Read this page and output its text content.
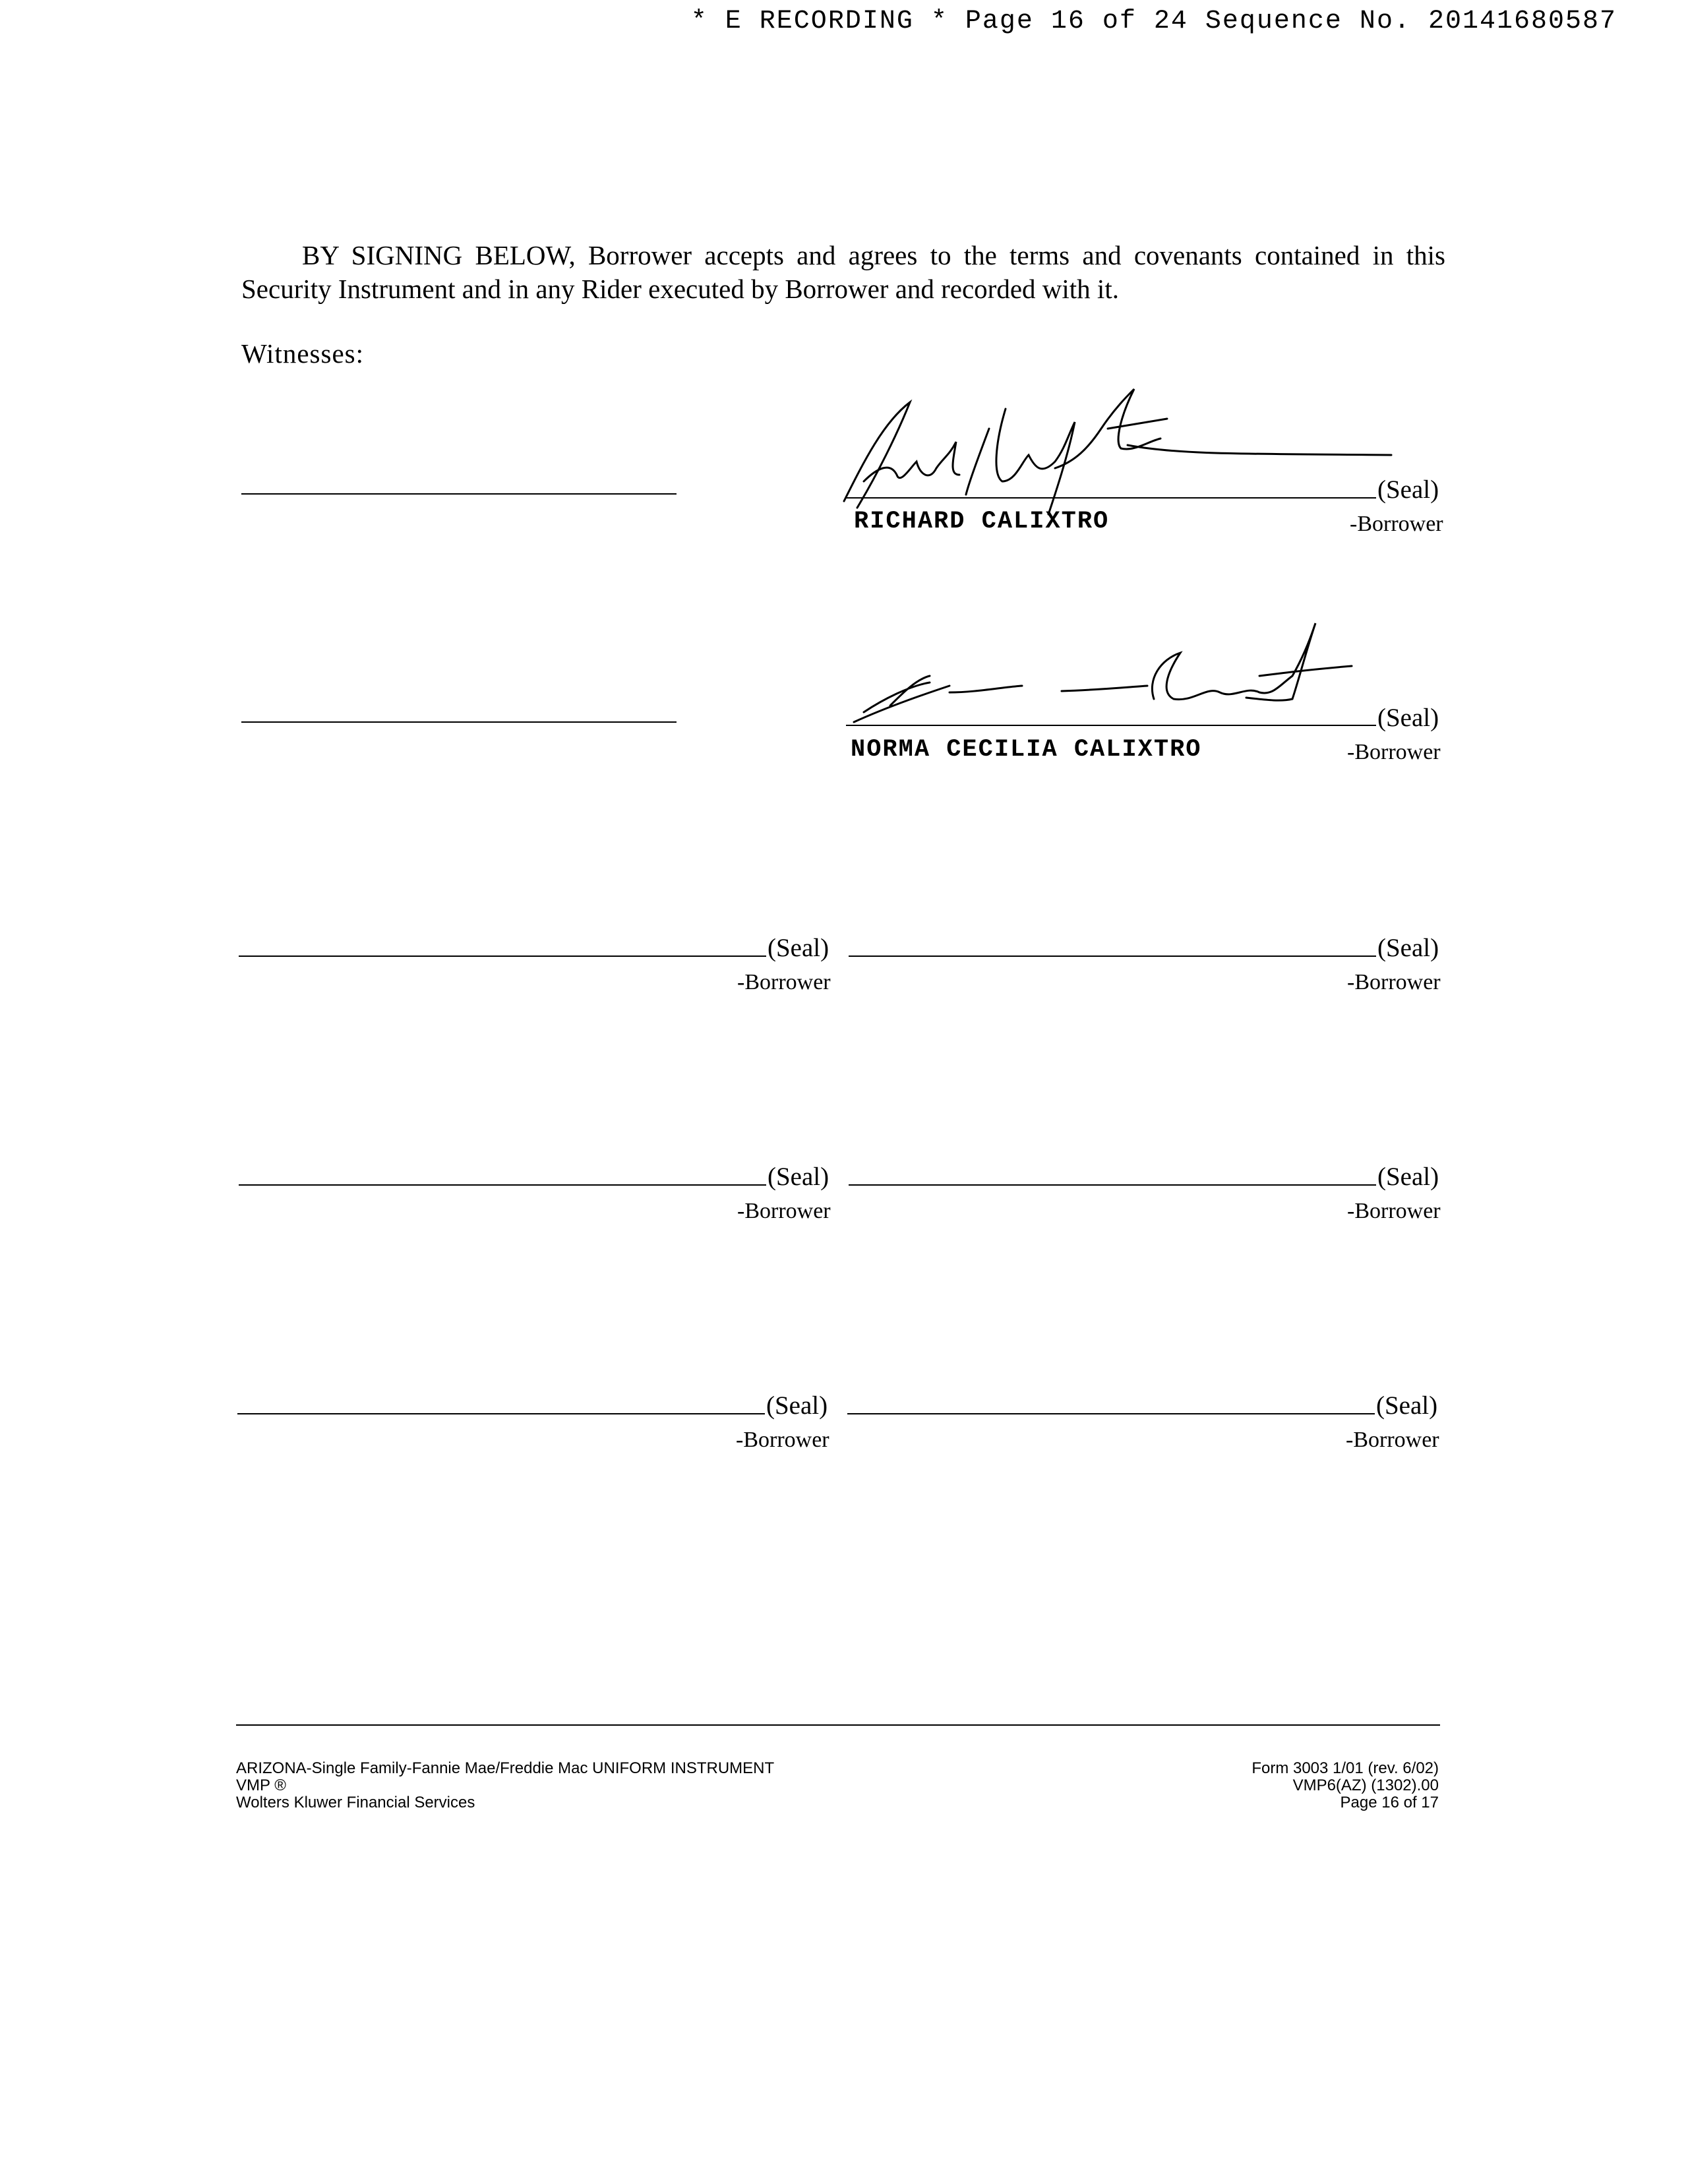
* E RECORDING * Page 16 of 24 Sequence No. 20141680587
BY SIGNING BELOW, Borrower accepts and agrees to the terms and covenants contained in this
Security Instrument and in any Rider executed by Borrower and recorded with it.
Witnesses:
(Seal)
RICHARD CALIXTRO	-Borrower
(Seal)
NORMA CECILIA CALIXTRO	-Borrower
(Seal)
-Borrower
(Seal)
-Borrower
(Seal)
-Borrower
(Seal)
-Borrower
(Seal)
-Borrower
(Seal)
-Borrower
ARIZONA-Single Family-Fannie Mae/Freddie Mac UNIFORM INSTRUMENT
VMP ®
Wolters Kluwer Financial Services
Form 3003 1/01 (rev. 6/02)
VMP6(AZ) (1302).00
Page 16 of 17
